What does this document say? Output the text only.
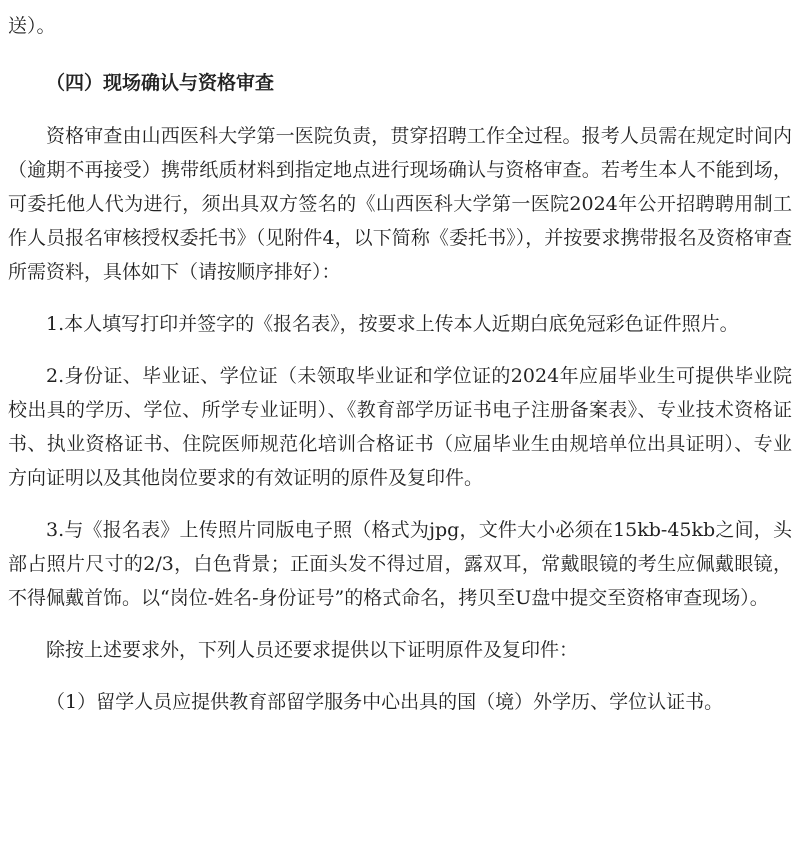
送）。

（四）现场确认与资格审查

资格审查由山西医科大学第一医院负责，贯穿招聘工作全过程。报考人员需在规定时间内（逾期不再接受）携带纸质材料到指定地点进行现场确认与资格审查。若考生本人不能到场，可委托他人代为进行，须出具双方签名的《山西医科大学第一医院2024年公开招聘聘用制工作人员报名审核授权委托书》（见附件4，以下简称《委托书》），并按要求携带报名及资格审查所需资料，具体如下（请按顺序排好）：

1.本人填写打印并签字的《报名表》，按要求上传本人近期白底免冠彩色证件照片。

2.身份证、毕业证、学位证（未领取毕业证和学位证的2024年应届毕业生可提供毕业院校出具的学历、学位、所学专业证明）、《教育部学历证书电子注册备案表》、专业技术资格证书、执业资格证书、住院医师规范化培训合格证书（应届毕业生由规培单位出具证明）、专业方向证明以及其他岗位要求的有效证明的原件及复印件。

3.与《报名表》上传照片同版电子照（格式为jpg，文件大小必须在15kb-45kb之间，头部占照片尺寸的2/3，白色背景；正面头发不得过眉，露双耳，常戴眼镜的考生应佩戴眼镜，不得佩戴首饰。以“岗位-姓名-身份证号”的格式命名，拷贝至U盘中提交至资格审查现场）。

除按上述要求外，下列人员还要求提供以下证明原件及复印件：

（1）留学人员应提供教育部留学服务中心出具的国（境）外学历、学位认证书。
